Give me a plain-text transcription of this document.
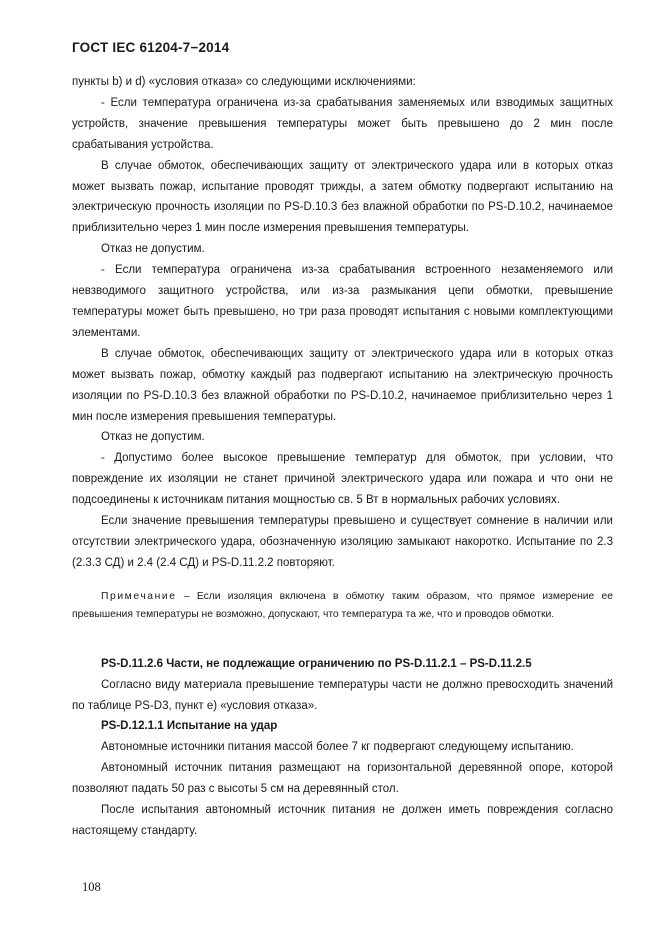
ГОСТ IEC 61204-7−2014

пункты b) и d) «условия отказа» со следующими исключениями:

- Если температура ограничена из-за срабатывания заменяемых или взводимых защитных устройств, значение превышения температуры может быть превышено до 2 мин после срабатывания устройства.

В случае обмоток, обеспечивающих защиту от электрического удара или в которых отказ может вызвать пожар, испытание проводят трижды, а затем обмотку подвергают испытанию на электрическую прочность изоляции по PS-D.10.3 без влажной обработки по PS-D.10.2, начинаемое приблизительно через 1 мин после измерения превышения температуры.

Отказ не допустим.

- Если температура ограничена из-за срабатывания встроенного незаменяемого или невзводимого защитного устройства, или из-за размыкания цепи обмотки, превышение температуры может быть превышено, но три раза проводят испытания с новыми комплектующими элементами.

В случае обмоток, обеспечивающих защиту от электрического удара или в которых отказ может вызвать пожар, обмотку каждый раз подвергают испытанию на электрическую прочность изоляции по PS-D.10.3 без влажной обработки по PS-D.10.2, начинаемое приблизительно через 1 мин после измерения превышения температуры.

Отказ не допустим.

- Допустимо более высокое превышение температур для обмоток, при условии, что повреждение их изоляции не станет причиной электрического удара или пожара и что они не подсоединены к источникам питания мощностью св. 5 Вт в нормальных рабочих условиях.

Если значение превышения температуры превышено и существует сомнение в наличии или отсутствии электрического удара, обозначенную изоляцию замыкают накоротко. Испытание по 2.3 (2.3.3 СД) и 2.4 (2.4 СД) и PS-D.11.2.2 повторяют.

Примечание – Если изоляция включена в обмотку таким образом, что прямое измерение ее превышения температуры не возможно, допускают, что температура та же, что и проводов обмотки.

PS-D.11.2.6 Части, не подлежащие ограничению по PS-D.11.2.1 – PS-D.11.2.5

Согласно виду материала превышение температуры части не должно превосходить значений по таблице PS-D3, пункт е) «условия отказа».

PS-D.12.1.1 Испытание на удар

Автономные источники питания массой более 7 кг подвергают следующему испытанию.

Автономный источник питания размещают на горизонтальной деревянной опоре, которой позволяют падать 50 раз с высоты 5 см на деревянный стол.

После испытания автономный источник питания не должен иметь повреждения согласно настоящему стандарту.

108
